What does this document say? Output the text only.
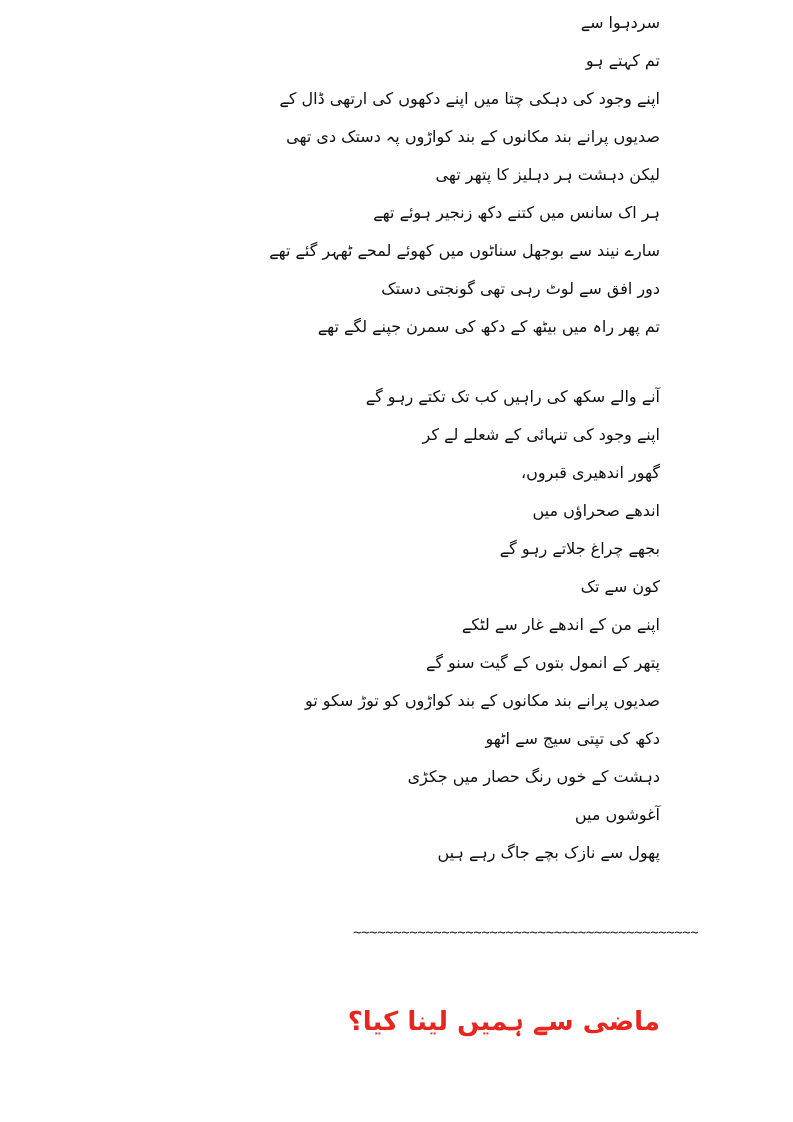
سردہوا سے
تم کہتے ہو
اپنے وجود کی دہکی چتا میں اپنے دکھوں کی ارتھی ڈال کے
صدیوں پرانے بند مکانوں کے بند کواڑوں پہ دستک دی تھی
لیکن دہشت ہر دہلیز کا پتھر تھی
ہر اک سانس میں کتنے دکھ زنجیر ہوئے تھے
سارے نیند سے بوجھل سناٹوں میں کھوئے لمحے ٹھہر گئے تھے
دور افق سے لوٹ رہی تھی گونجتی دستک
تم پھر راہ میں بیٹھ کے دکھ کی سمرن جپنے لگے تھے
آنے والے سکھ کی راہیں کب تک تکتے رہو گے
اپنے وجود کی تنہائی کے شعلے لے کر
گھور اندھیری قبروں،
اندھے صحراؤں میں
بجھے چراغ جلاتے رہو گے
کون سے تک
اپنے من کے اندھے غار سے لٹکے
پتھر کے انمول بتوں کے گیت سنو گے
صدیوں پرانے بند مکانوں کے بند کواڑوں کو توڑ سکو تو
دکھ کی تپتی سیج سے اٹھو
دہشت کے خوں رنگ حصار میں جکڑی
آغوشوں میں
پھول سے نازک بچے جاگ رہے ہیں
~~~~~~~~~~~~~~~~~~~~~~~~~~~~~~~~~~~~~~~~~~~
ماضی سے ہمیں لینا کیا؟
